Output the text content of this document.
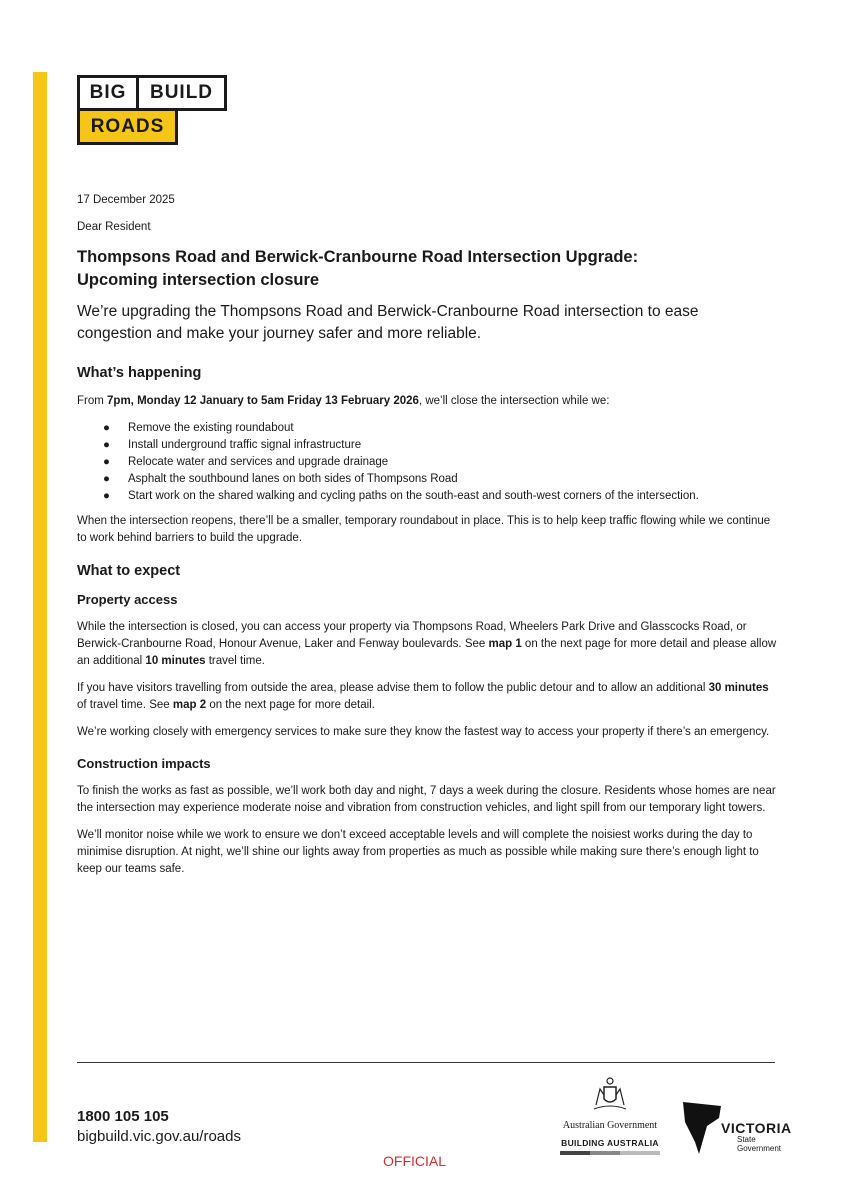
BIG	BUILD
ROADS

17 December 2025

Dear Resident

Thompsons Road and Berwick-Cranbourne Road Intersection Upgrade:
Upcoming intersection closure

We’re upgrading the Thompsons Road and Berwick-Cranbourne Road intersection to ease congestion and make your journey safer and more reliable.

What’s happening

From 7pm, Monday 12 January to 5am Friday 13 February 2026, we’ll close the intersection while we:

● Remove the existing roundabout
● Install underground traffic signal infrastructure
● Relocate water and services and upgrade drainage
● Asphalt the southbound lanes on both sides of Thompsons Road
● Start work on the shared walking and cycling paths on the south-east and south-west corners of the intersection.

When the intersection reopens, there’ll be a smaller, temporary roundabout in place. This is to help keep traffic flowing while we continue to work behind barriers to build the upgrade.

What to expect
Property access

While the intersection is closed, you can access your property via Thompsons Road, Wheelers Park Drive and Glasscocks Road, or Berwick-Cranbourne Road, Honour Avenue, Laker and Fenway boulevards. See map 1 on the next page for more detail and please allow an additional 10 minutes travel time.

If you have visitors travelling from outside the area, please advise them to follow the public detour and to allow an additional 30 minutes of travel time. See map 2 on the next page for more detail.

We’re working closely with emergency services to make sure they know the fastest way to access your property if there’s an emergency.

Construction impacts

To finish the works as fast as possible, we’ll work both day and night, 7 days a week during the closure. Residents whose homes are near the intersection may experience moderate noise and vibration from construction vehicles, and light spill from our temporary light towers.

We’ll monitor noise while we work to ensure we don’t exceed acceptable levels and will complete the noisiest works during the day to minimise disruption. At night, we’ll shine our lights away from properties as much as possible while making sure there’s enough light to keep our teams safe.

1800 105 105
bigbuild.vic.gov.au/roads
OFFICIAL
Australian Government
BUILDING AUSTRALIA
VICTORIA
State
Government
